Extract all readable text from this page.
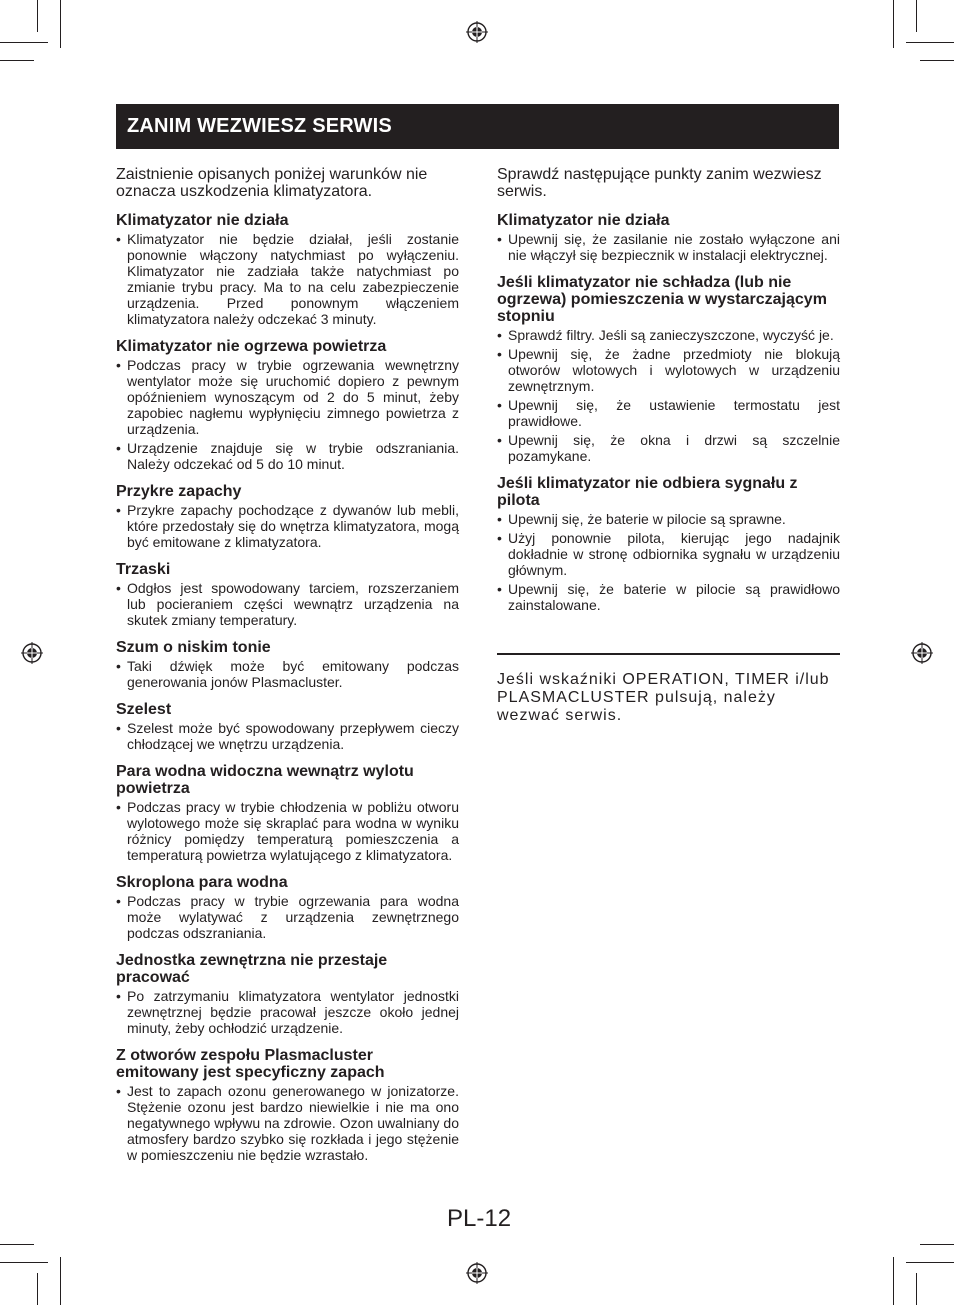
ZANIM WEZWIESZ SERWIS

Zaistnienie opisanych poniżej warunków nie oznacza uszkodzenia klimatyzatora.

Klimatyzator nie działa
• Klimatyzator nie będzie działał, jeśli zostanie ponownie włączony natychmiast po wyłączeniu. Klimatyzator nie zadziała także natychmiast po zmianie trybu pracy. Ma to na celu zabezpieczenie urządzenia. Przed ponownym włączeniem klimatyzatora należy odczekać 3 minuty.
Klimatyzator nie ogrzewa powietrza
• Podczas pracy w trybie ogrzewania wewnętrzny wentylator może się uruchomić dopiero z pewnym opóźnieniem wynoszącym od 2 do 5 minut, żeby zapobiec nagłemu wypłynięciu zimnego powietrza z urządzenia.
• Urządzenie znajduje się w trybie odszraniania. Należy odczekać od 5 do 10 minut.
Przykre zapachy
• Przykre zapachy pochodzące z dywanów lub mebli, które przedostały się do wnętrza klimatyzatora, mogą być emitowane z klimatyzatora.
Trzaski
• Odgłos jest spowodowany tarciem, rozszerzaniem lub pocieraniem części wewnątrz urządzenia na skutek zmiany temperatury.
Szum o niskim tonie
• Taki dźwięk może być emitowany podczas generowania jonów Plasmacluster.
Szelest
• Szelest może być spowodowany przepływem cieczy chłodzącej we wnętrzu urządzenia.
Para wodna widoczna wewnątrz wylotu powietrza
• Podczas pracy w trybie chłodzenia w pobliżu otworu wylotowego może się skraplać para wodna w wyniku różnicy pomiędzy temperaturą pomieszczenia a temperaturą powietrza wylatującego z klimatyzatora.
Skroplona para wodna
• Podczas pracy w trybie ogrzewania para wodna może wylatywać z urządzenia zewnętrznego podczas odszraniania.
Jednostka zewnętrzna nie przestaje pracować
• Po zatrzymaniu klimatyzatora wentylator jednostki zewnętrznej będzie pracował jeszcze około jednej minuty, żeby ochłodzić urządzenie.
Z otworów zespołu Plasmacluster emitowany jest specyficzny zapach
• Jest to zapach ozonu generowanego w jonizatorze. Stężenie ozonu jest bardzo niewielkie i nie ma ono negatywnego wpływu na zdrowie. Ozon uwalniany do atmosfery bardzo szybko się rozkłada i jego stężenie w pomieszczeniu nie będzie wzrastało.

Sprawdź następujące punkty zanim wezwiesz serwis.

Klimatyzator nie działa
• Upewnij się, że zasilanie nie zostało wyłączone ani nie włączył się bezpiecznik w instalacji elektrycznej.
Jeśli klimatyzator nie schładza (lub nie ogrzewa) pomieszczenia w wystarczającym stopniu
• Sprawdź filtry. Jeśli są zanieczyszczone, wyczyść je.
• Upewnij się, że żadne przedmioty nie blokują otworów wlotowych i wylotowych w urządzeniu zewnętrznym.
• Upewnij się, że ustawienie termostatu jest prawidłowe.
• Upewnij się, że okna i drzwi są szczelnie pozamykane.
Jeśli klimatyzator nie odbiera sygnału z pilota
• Upewnij się, że baterie w pilocie są sprawne.
• Użyj ponownie pilota, kierując jego nadajnik dokładnie w stronę odbiornika sygnału w urządzeniu głównym.
• Upewnij się, że baterie w pilocie są prawidłowo zainstalowane.

Jeśli wskaźniki OPERATION, TIMER i/lub PLASMACLUSTER pulsują, należy wezwać serwis.

PL-12
